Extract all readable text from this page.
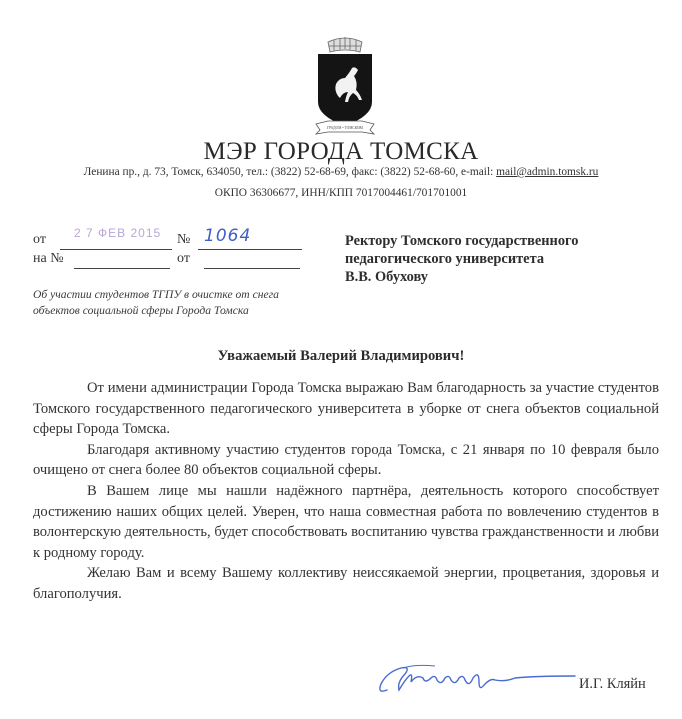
ГРАДОМ • ТОМСКИМ
МЭР ГОРОДА ТОМСКА
Ленина пр., д. 73, Томск, 634050, тел.: (3822) 52-68-69, факс: (3822) 52-68-60, e-mail: mail@admin.tomsk.ru
ОКПО 36306677, ИНН/КПП 7017004461/701701001
от 2 7 ФЕВ 2015 № 1064
на №	от
Об участии студентов ТГПУ в очистке от снега объектов социальной сферы Города Томска
Ректору Томского государственного
педагогического университета
В.В. Обухову
Уважаемый Валерий Владимирович!

От имени администрации Города Томска выражаю Вам благодарность за участие студентов Томского государственного педагогического университета в уборке от снега объектов социальной сферы Города Томска.

Благодаря активному участию студентов города Томска, с 21 января по 10 февраля было очищено от снега более 80 объектов социальной сферы.

В Вашем лице мы нашли надёжного партнёра, деятельность которого способствует достижению наших общих целей. Уверен, что наша совместная работа по вовлечению студентов в волонтерскую деятельность, будет способствовать воспитанию чувства гражданственности и любви к родному городу.

Желаю Вам и всему Вашему коллективу неиссякаемой энергии, процветания, здоровья и благополучия.

И.Г. Кляйн
